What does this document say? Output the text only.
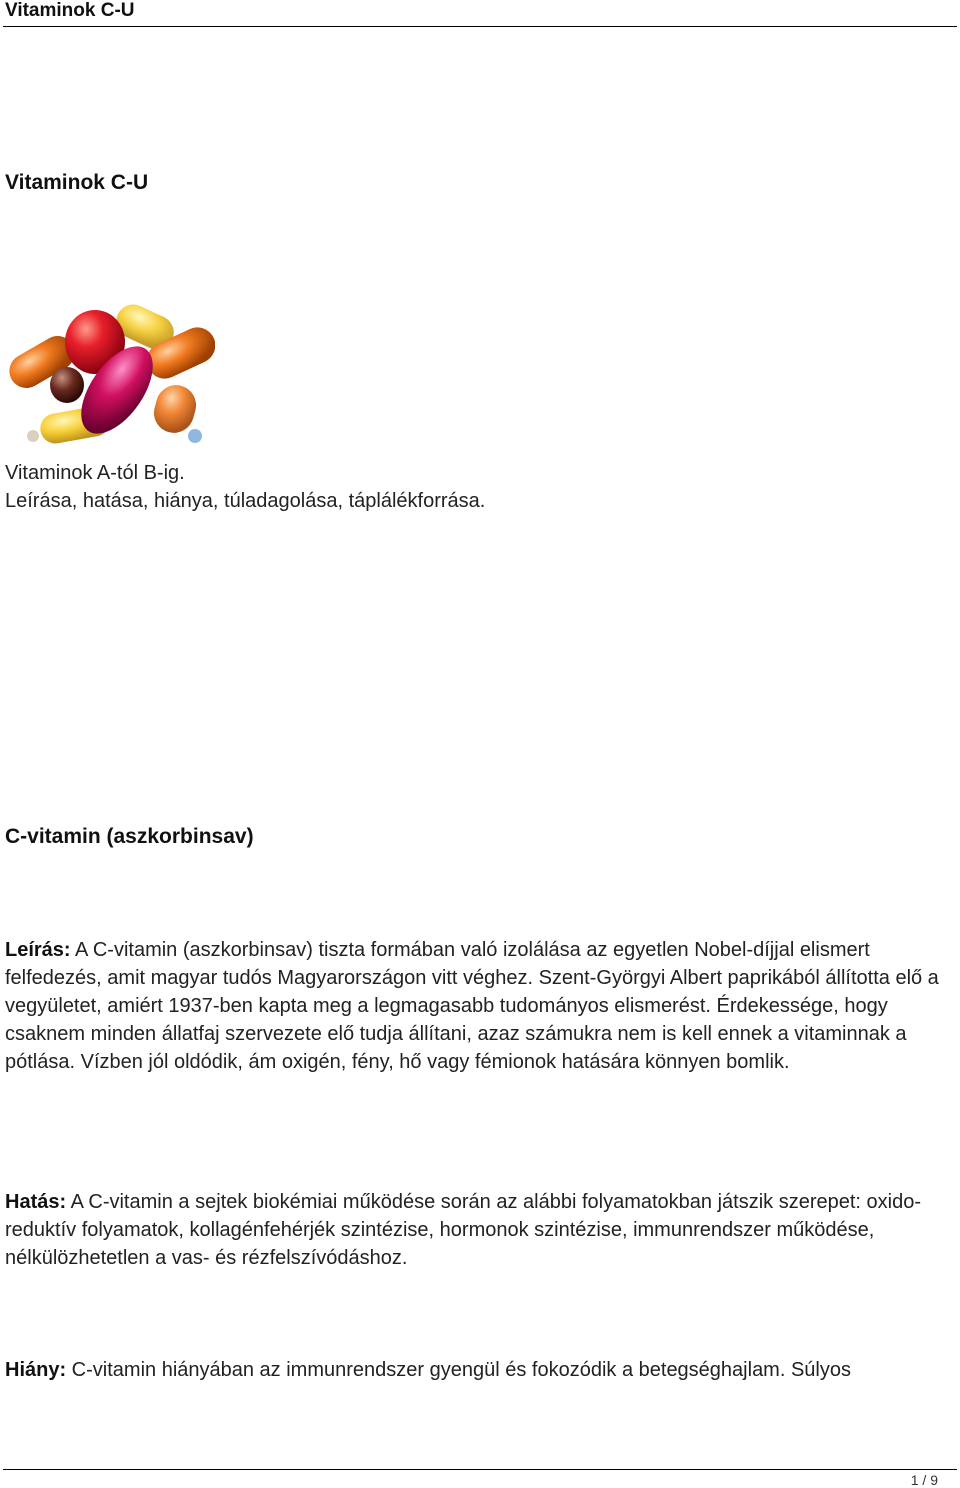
Vitaminok C-U
Vitaminok C-U
Vitaminok A-tól B-ig.
Leírása, hatása, hiánya, túladagolása, táplálékforrása.
C-vitamin (aszkorbinsav)

Leírás: A C-vitamin (aszkorbinsav) tiszta formában való izolálása az egyetlen Nobel-díjjal elismert felfedezés, amit magyar tudós Magyarországon vitt véghez. Szent-Györgyi Albert paprikából állította elő a vegyületet, amiért 1937-ben kapta meg a legmagasabb tudományos elismerést. Érdekessége, hogy csaknem minden állatfaj szervezete elő tudja állítani, azaz számukra nem is kell ennek a vitaminnak a pótlása. Vízben jól oldódik, ám oxigén, fény, hő vagy fémionok hatására könnyen bomlik.

Hatás: A C-vitamin a sejtek biokémiai működése során az alábbi folyamatokban játszik szerepet: oxido-reduktív folyamatok, kollagénfehérjék szintézise, hormonok szintézise, immunrendszer működése, nélkülözhetetlen a vas- és rézfelszívódáshoz.

Hiány: C-vitamin hiányában az immunrendszer gyengül és fokozódik a betegséghajlam. Súlyos

1 / 9
